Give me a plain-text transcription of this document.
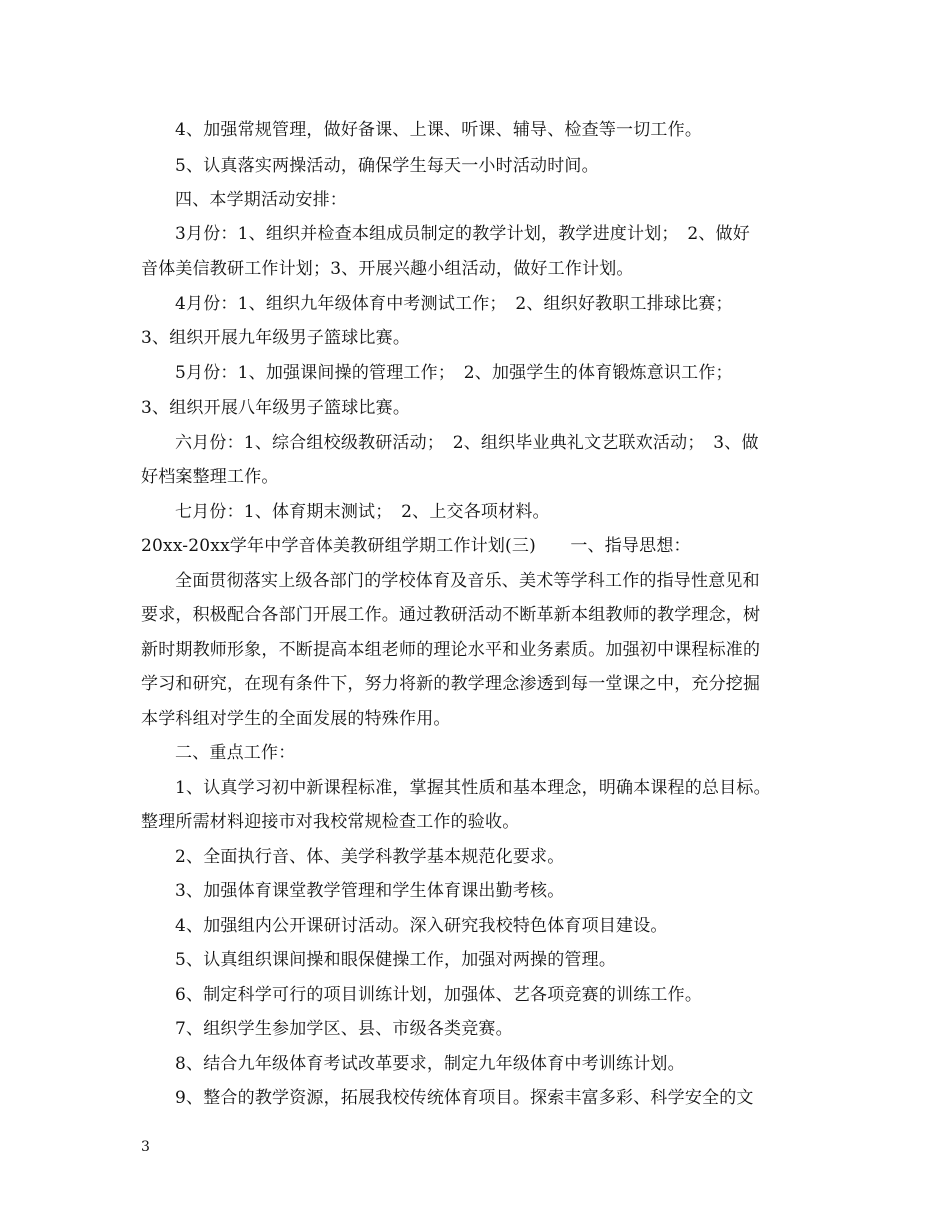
4、加强常规管理，做好备课、上课、听课、辅导、检查等一切工作。
5、认真落实两操活动，确保学生每天一小时活动时间。
四、本学期活动安排：
3月份：1、组织并检查本组成员制定的教学计划，教学进度计划；　2、做好
音体美信教研工作计划；3、开展兴趣小组活动，做好工作计划。
4月份：1、组织九年级体育中考测试工作；　2、组织好教职工排球比赛；
3、组织开展九年级男子篮球比赛。
5月份：1、加强课间操的管理工作；　2、加强学生的体育锻炼意识工作；
3、组织开展八年级男子篮球比赛。
六月份：1、综合组校级教研活动；　2、组织毕业典礼文艺联欢活动；　3、做
好档案整理工作。
七月份：1、体育期末测试；　2、上交各项材料。
20xx-20xx学年中学音体美教研组学期工作计划(三)　　一、指导思想：
全面贯彻落实上级各部门的学校体育及音乐、美术等学科工作的指导性意见和
要求，积极配合各部门开展工作。通过教研活动不断革新本组教师的教学理念，树
新时期教师形象，不断提高本组老师的理论水平和业务素质。加强初中课程标准的
学习和研究，在现有条件下，努力将新的教学理念渗透到每一堂课之中，充分挖掘
本学科组对学生的全面发展的特殊作用。
二、重点工作：
1、认真学习初中新课程标准，掌握其性质和基本理念，明确本课程的总目标。
整理所需材料迎接市对我校常规检查工作的验收。
2、全面执行音、体、美学科教学基本规范化要求。
3、加强体育课堂教学管理和学生体育课出勤考核。
4、加强组内公开课研讨活动。深入研究我校特色体育项目建设。
5、认真组织课间操和眼保健操工作，加强对两操的管理。
6、制定科学可行的项目训练计划，加强体、艺各项竞赛的训练工作。
7、组织学生参加学区、县、市级各类竞赛。
8、结合九年级体育考试改革要求，制定九年级体育中考训练计划。
9、整合的教学资源，拓展我校传统体育项目。探索丰富多彩、科学安全的文
3
